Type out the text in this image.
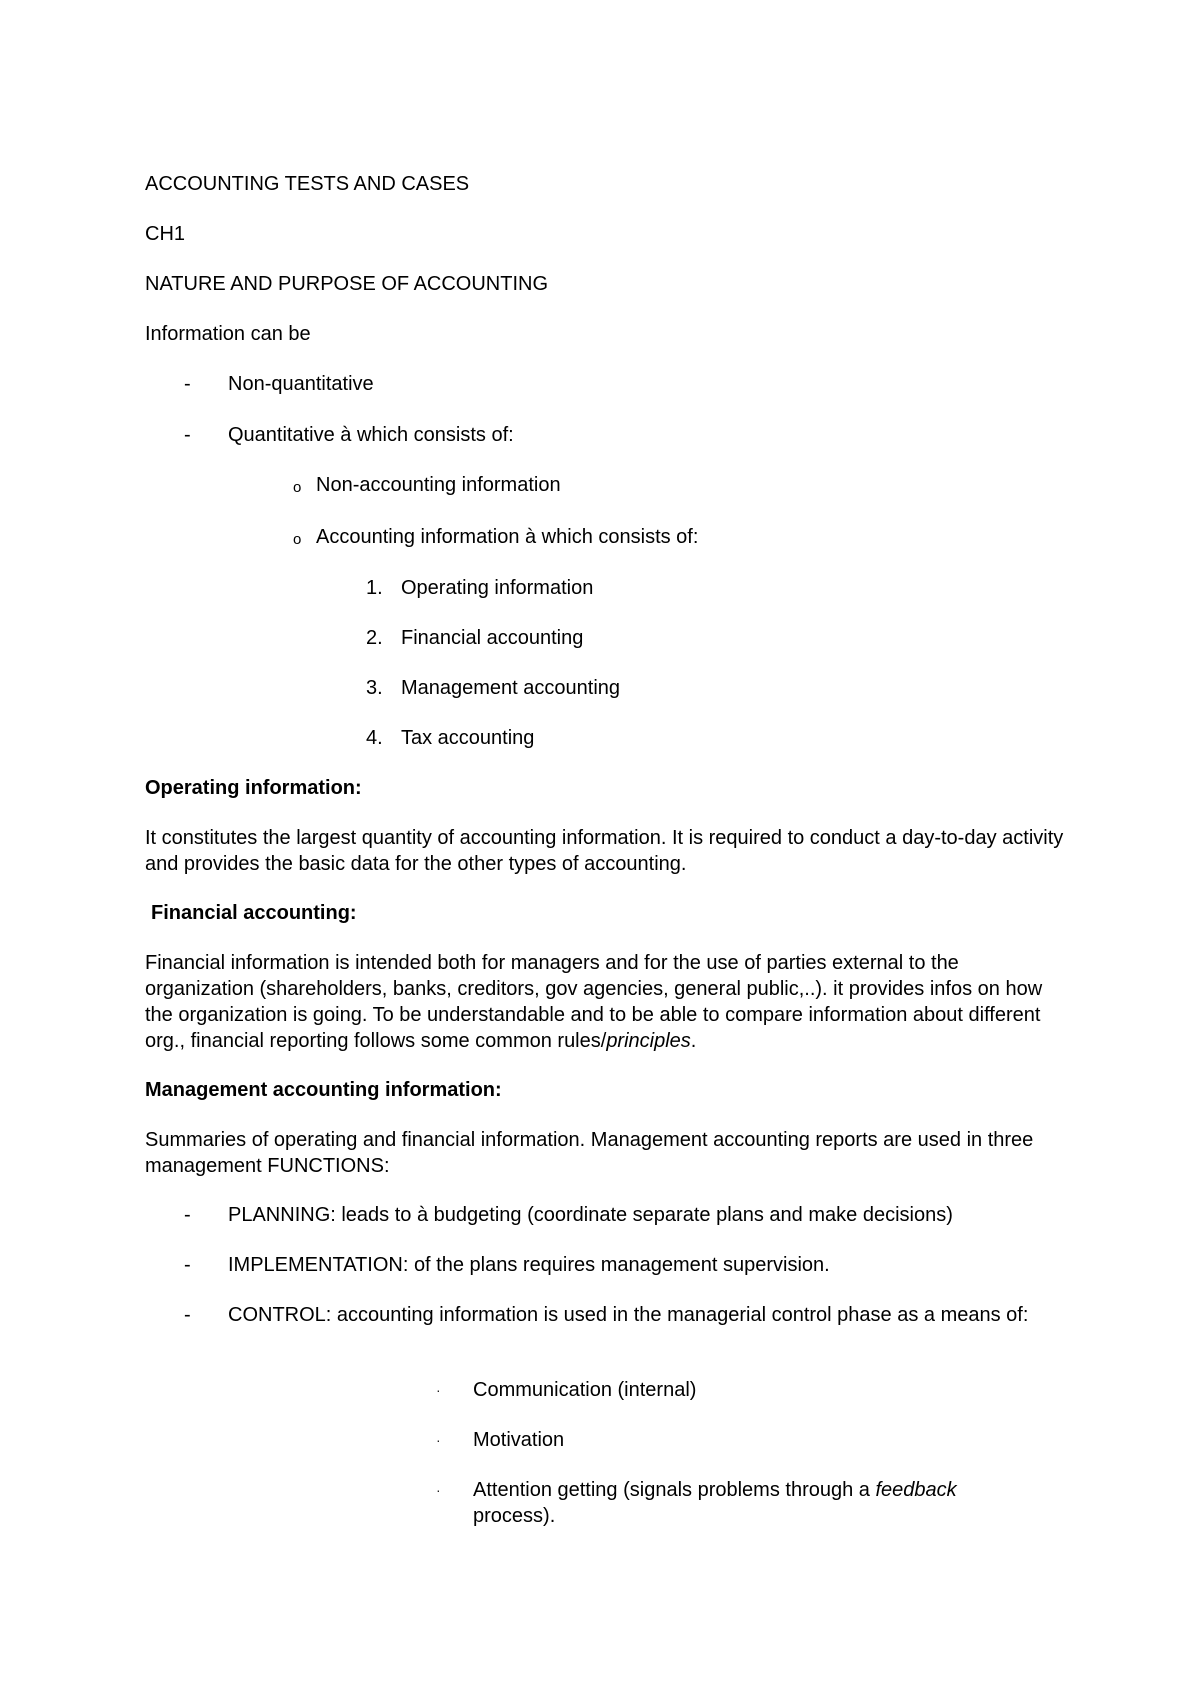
ACCOUNTING TESTS AND CASES
CH1
NATURE AND PURPOSE OF ACCOUNTING
Information can be
- Non-quantitative
- Quantitative à which consists of:
o Non-accounting information
o Accounting information à which consists of:
1. Operating information
2. Financial accounting
3. Management accounting
4. Tax accounting
Operating information:
It constitutes the largest quantity of accounting information. It is required to conduct a day-to-day activity and provides the basic data for the other types of accounting.
Financial accounting:
Financial information is intended both for managers and for the use of parties external to the organization (shareholders, banks, creditors, gov agencies, general public,..). it provides infos on how the organization is going. To be understandable and to be able to compare information about different org., financial reporting follows some common rules/principles.
Management accounting information:
Summaries of operating and financial information. Management accounting reports are used in three management FUNCTIONS:
- PLANNING: leads to à budgeting (coordinate separate plans and make decisions)
- IMPLEMENTATION: of the plans requires management supervision.
-	CONTROL: accounting information is used in the managerial control phase as a means of:
· Communication (internal)
· Motivation
· Attention getting (signals problems through a feedback process).
